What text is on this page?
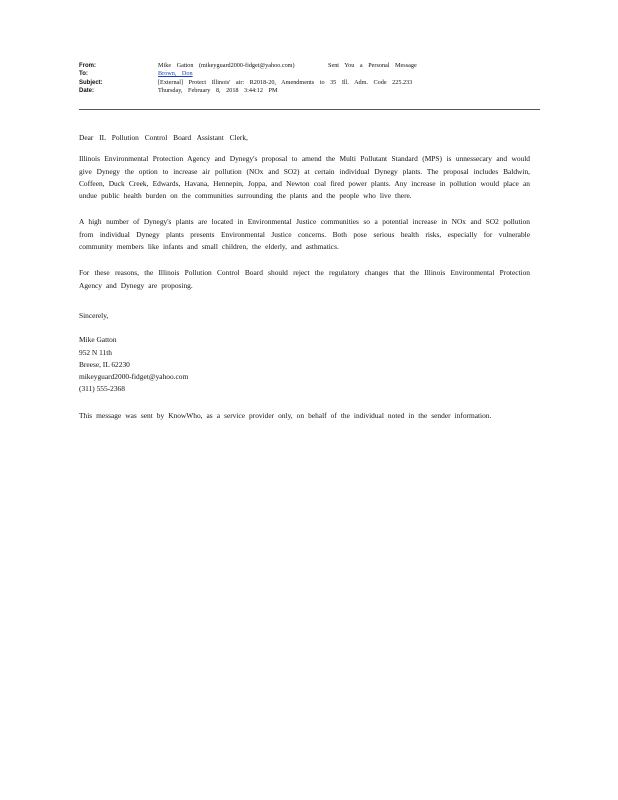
From:	Mike Gatton (mikeyguard2000-fidget@yahoo.com)	Sent You a Personal Message
To:	Brown, Don
Subject:	[External] Protect Illinois' air: R2018-20, Amendments to 35 Ill. Adm. Code 225.233
Date:	Thursday, February 8, 2018 3:44:12 PM

Dear IL Pollution Control Board Assistant Clerk,

Illinois Environmental Protection Agency and Dynegy's proposal to amend the Multi Pollutant Standard (MPS) is unnessecary and would give Dynegy the option to increase air pollution (NOx and SO2) at certain individual Dynegy plants. The proposal includes Baldwin, Coffeen, Duck Creek, Edwards, Havana, Hennepin, Joppa, and Newton coal fired power plants. Any increase in pollution would place an undue public health burden on the communities surrounding the plants and the people who live there.

A high number of Dynegy's plants are located in Environmental Justice communities so a potential increase in NOx and SO2 pollution from individual Dynegy plants presents Environmental Justice concerns. Both pose serious health risks, especially for vulnerable community members like infants and small children, the elderly, and asthmatics.

For these reasons, the Illinois Pollution Control Board should reject the regulatory changes that the Illinois Environmental Protection Agency and Dynegy are proposing.

Sincerely,

Mike Gatton
952 N 11th
Breese, IL 62230
mikeyguard2000-fidget@yahoo.com
(311) 555-2368

This message was sent by KnowWho, as a service provider only, on behalf of the individual noted in the sender information.
